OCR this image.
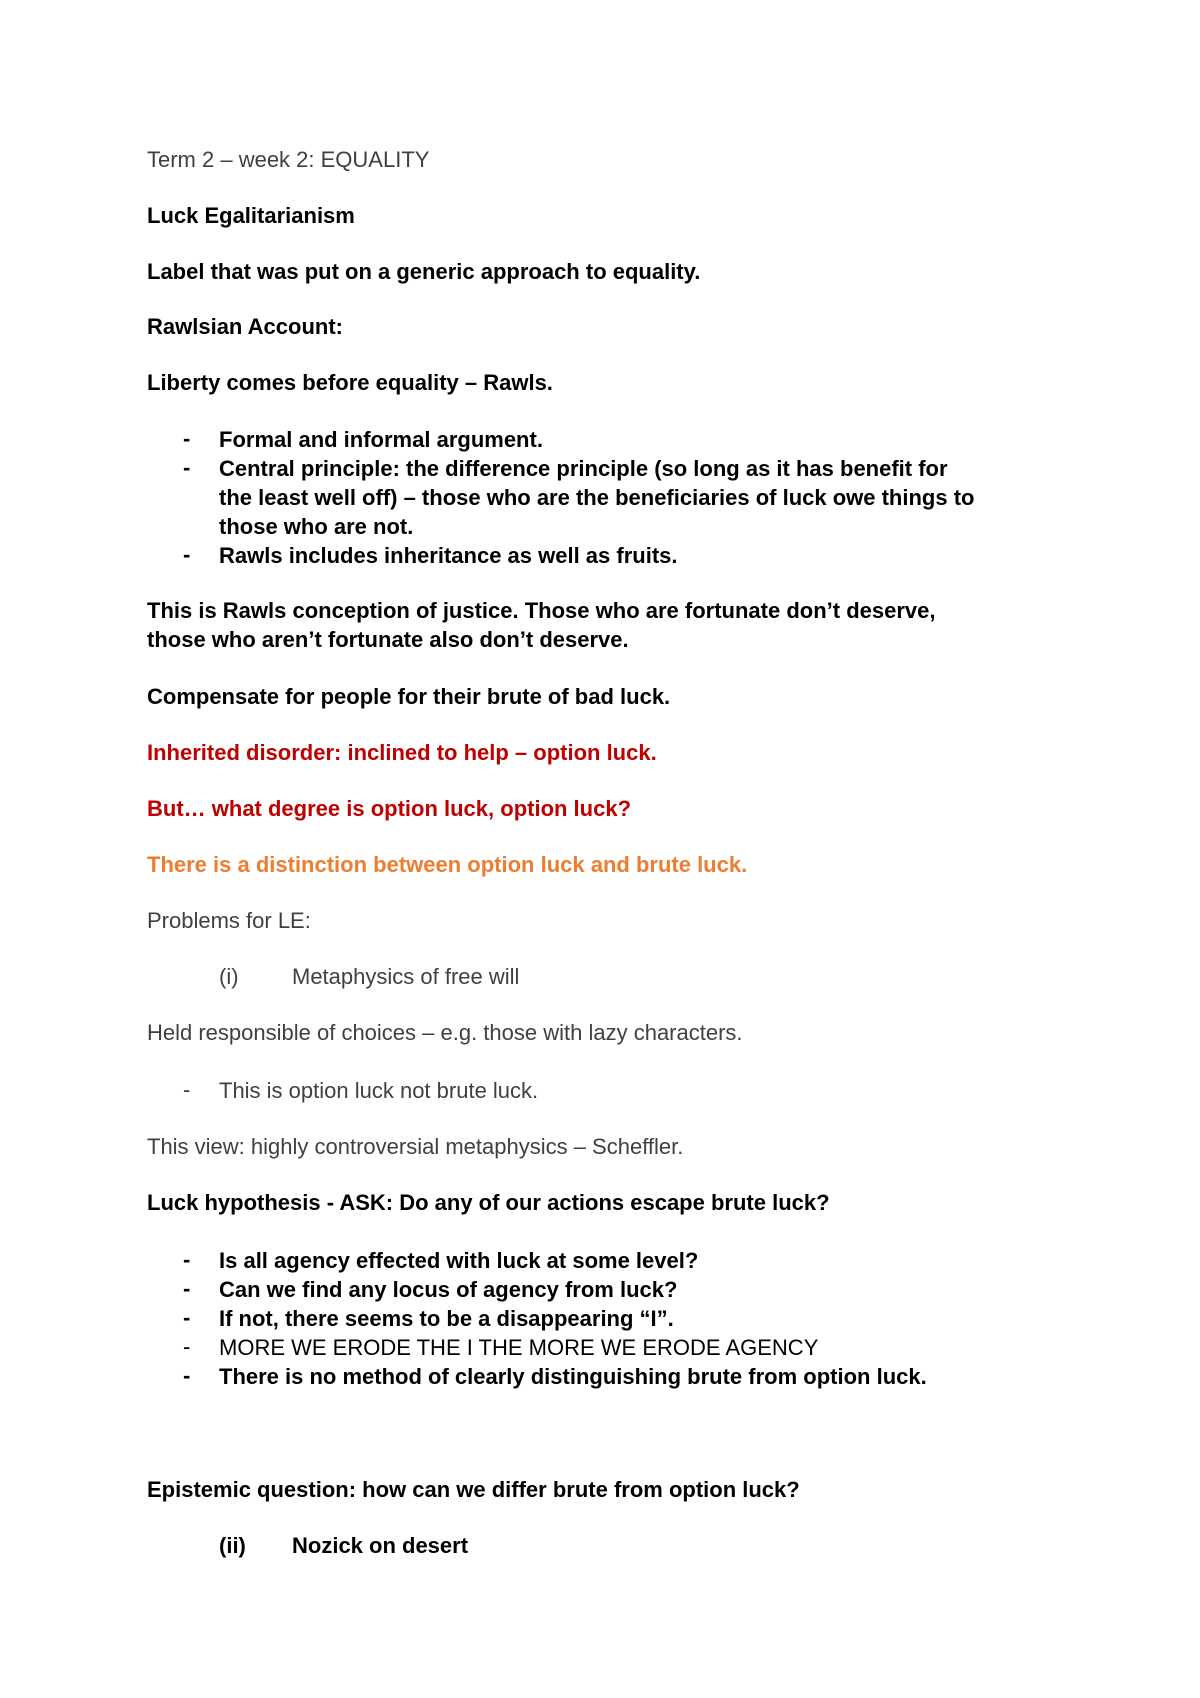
Term 2 – week 2: EQUALITY
Luck Egalitarianism
Label that was put on a generic approach to equality.
Rawlsian Account:
Liberty comes before equality – Rawls.
-	Formal and informal argument.
-	Central principle: the difference principle (so long as it has benefit for
the least well off) – those who are the beneficiaries of luck owe things to
those who are not.
-	Rawls includes inheritance as well as fruits.
This is Rawls conception of justice. Those who are fortunate don’t deserve,
those who aren’t fortunate also don’t deserve.
Compensate for people for their brute of bad luck.
Inherited disorder: inclined to help – option luck.
But… what degree is option luck, option luck?
There is a distinction between option luck and brute luck.
Problems for LE:
(i) Metaphysics of free will
Held responsible of choices – e.g. those with lazy characters.
-	This is option luck not brute luck.
This view: highly controversial metaphysics – Scheffler.
Luck hypothesis - ASK: Do any of our actions escape brute luck?
-	Is all agency effected with luck at some level?
-	Can we find any locus of agency from luck?
-	If not, there seems to be a disappearing “I”.
-	MORE WE ERODE THE I THE MORE WE ERODE AGENCY
-	There is no method of clearly distinguishing brute from option luck.
Epistemic question: how can we differ brute from option luck?
(ii) Nozick on desert
